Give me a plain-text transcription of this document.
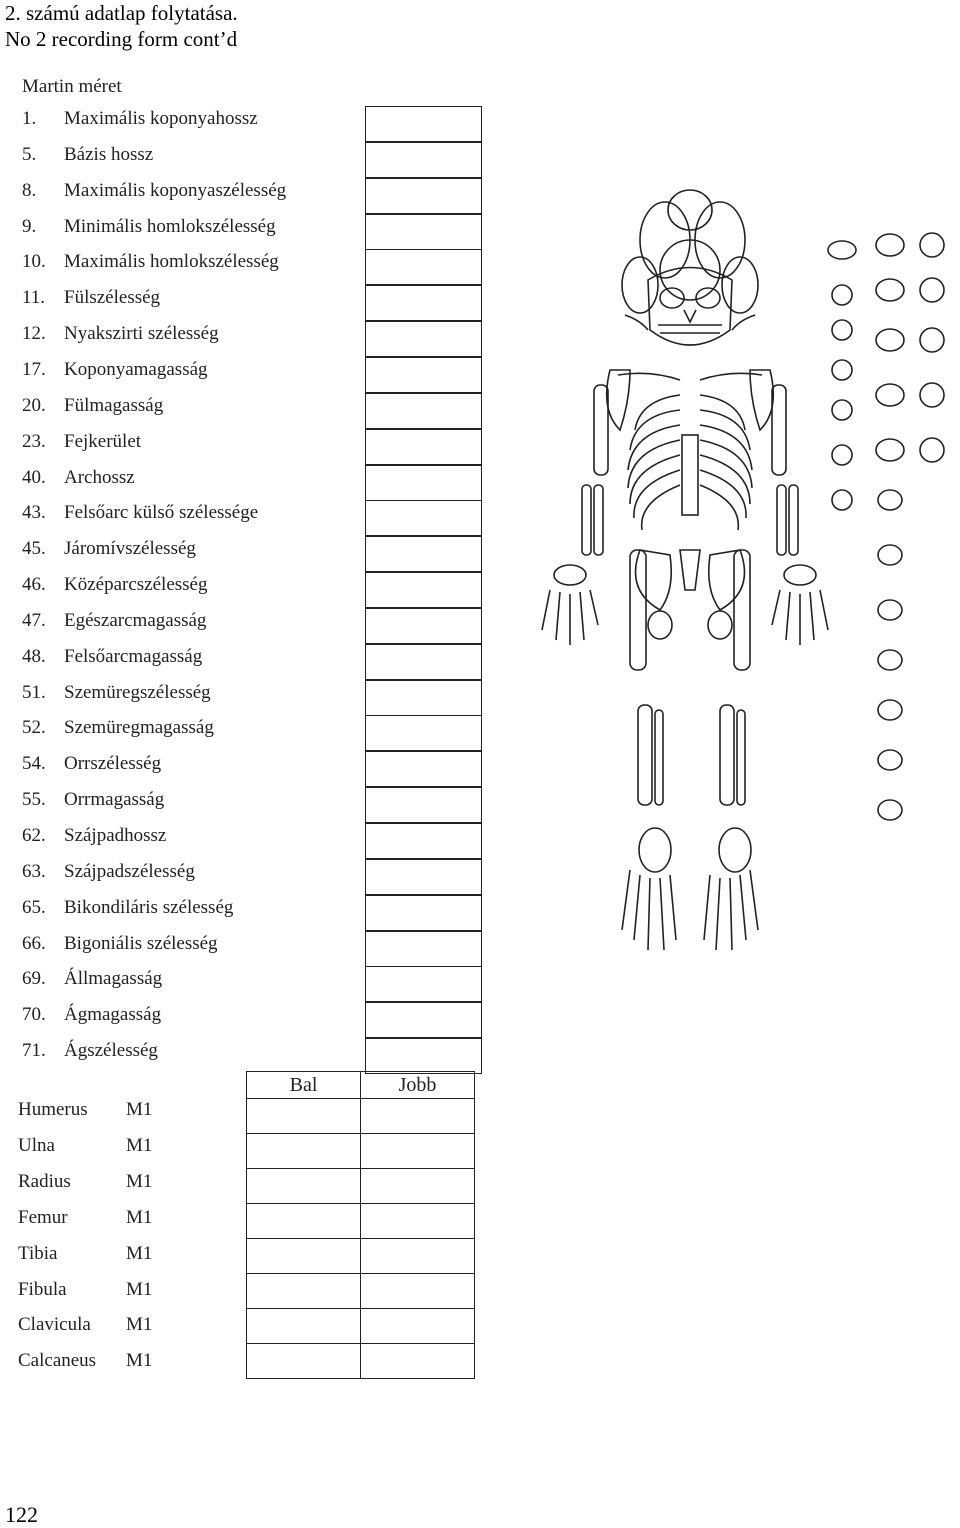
2. számú adatlap folytatása.
No 2 recording form cont’d
Martin méret
1.	Maximális koponyahossz
5.	Bázis hossz
8.	Maximális koponyaszélesség
9.	Minimális homlokszélesség
10. Maximális homlokszélesség
11. Fülszélesség
12. Nyakszirti szélesség
17. Koponyamagasság
20. Fülmagasság
23. Fejkerület
40. Archossz
43. Felsőarc külső szélessége
45. Járomívszélesség
46. Középarcszélesség
47. Egészarcmagasság
48. Felsőarcmagasság
51. Szemüregszélesség
52. Szemüregmagasság
54. Orrszélesség
55. Orrmagasság
62. Szájpadhossz
63. Szájpadszélesség
65. Bikondiláris szélesség
66. Bigoniális szélesség
69. Állmagasság
70. Ágmagasság
71. Ágszélesség
Bal	Jobb

Humerus M1
Ulna	M1
Radius	M1
Femur	M1
Tibia	M1
Fibula	M1
Clavicula M1
Calcaneus M1
122
